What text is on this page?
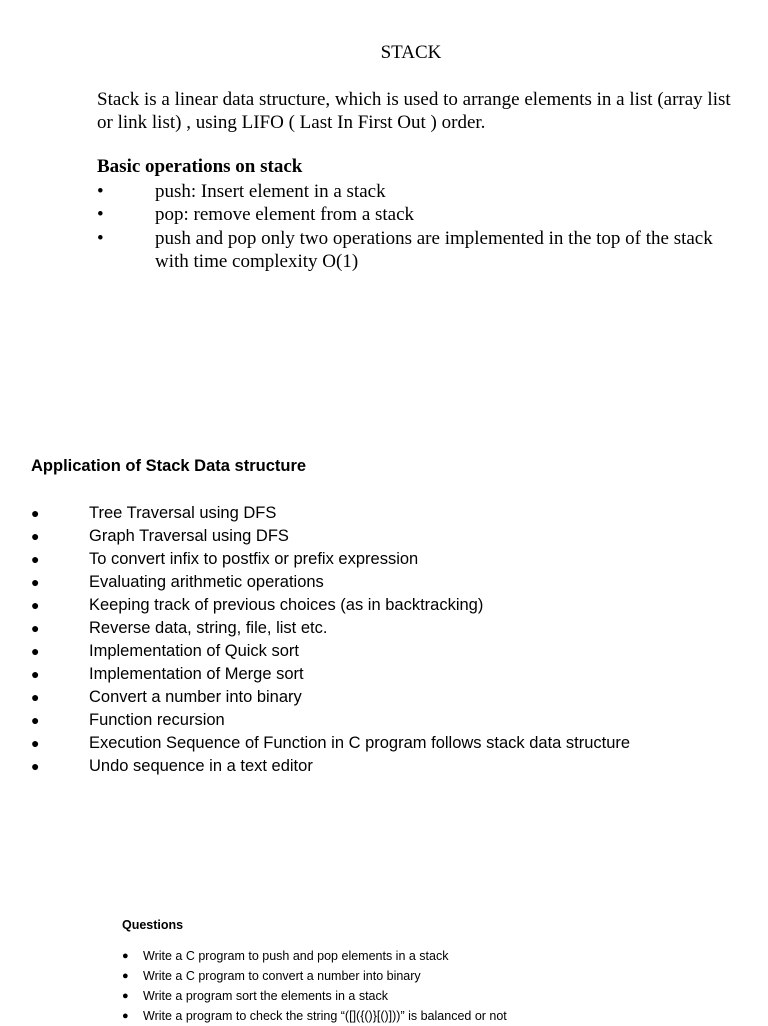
STACK
Stack is a linear data structure, which is used to arrange elements in a list (array list or link list) , using LIFO ( Last In First Out ) order.
Basic operations on stack
•	push: Insert element in a stack
•	pop: remove element from a stack
•	push and pop only two operations are implemented in the top of the stack with time complexity O(1)
Application of Stack Data structure
●	Tree Traversal using DFS
●	Graph Traversal using DFS
●	To convert infix to postfix or prefix expression
●	Evaluating arithmetic operations
●	Keeping track of previous choices (as in backtracking)
●	Reverse data, string, file, list etc.
●	Implementation of Quick sort
●	Implementation of Merge sort
●	Convert a number into binary
●	Function recursion
●	Execution Sequence of Function in C program follows stack data structure
●	Undo sequence in a text editor
Questions
● Write a C program to push and pop elements in a stack
● Write a C program to convert a number into binary
● Write a program sort the elements in a stack
● Write a program to check the string “([]({()}[()]))” is balanced or not
